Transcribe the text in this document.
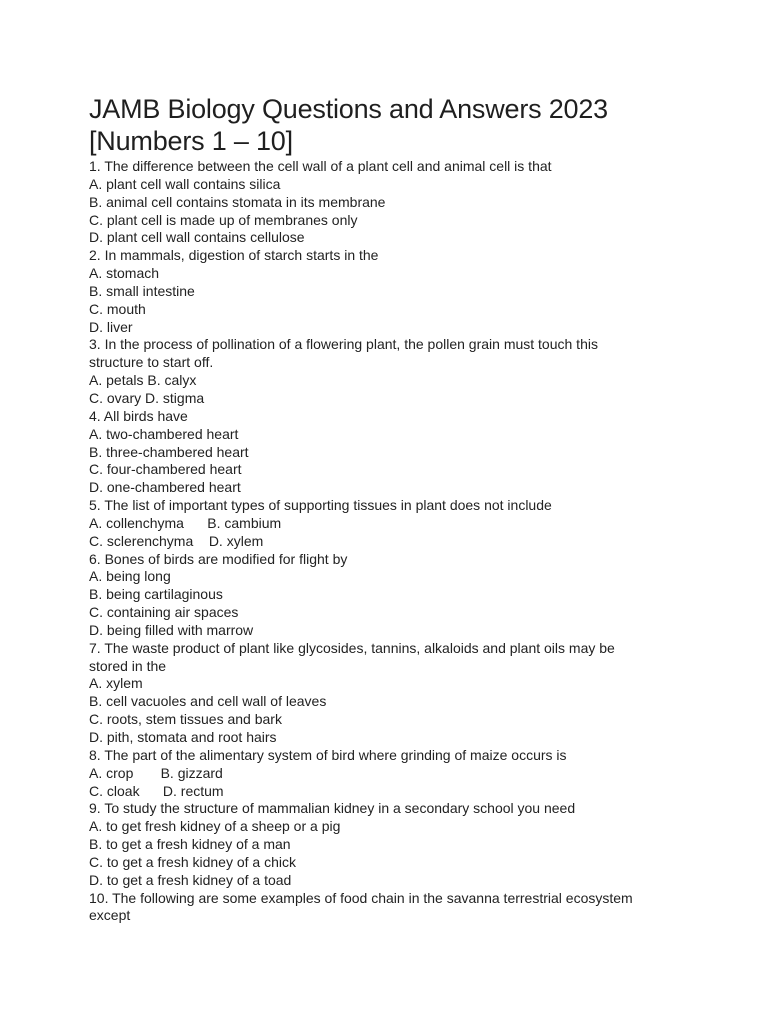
JAMB Biology Questions and Answers 2023
[Numbers 1 – 10]
1. The difference between the cell wall of a plant cell and animal cell is that
A. plant cell wall contains silica
B. animal cell contains stomata in its membrane
C. plant cell is made up of membranes only
D. plant cell wall contains cellulose
2. In mammals, digestion of starch starts in the
A. stomach
B. small intestine
C. mouth
D. liver
3. In the process of pollination of a flowering plant, the pollen grain must touch this
structure to start off.
A. petals B. calyx
C. ovary D. stigma
4. All birds have
A. two-chambered heart
B. three-chambered heart
C. four-chambered heart
D. one-chambered heart
5. The list of important types of supporting tissues in plant does not include
A. collenchyma      B. cambium
C. sclerenchyma    D. xylem
6. Bones of birds are modified for flight by
A. being long
B. being cartilaginous
C. containing air spaces
D. being filled with marrow
7. The waste product of plant like glycosides, tannins, alkaloids and plant oils may be
stored in the
A. xylem
B. cell vacuoles and cell wall of leaves
C. roots, stem tissues and bark
D. pith, stomata and root hairs
8. The part of the alimentary system of bird where grinding of maize occurs is
A. crop       B. gizzard
C. cloak      D. rectum
9. To study the structure of mammalian kidney in a secondary school you need
A. to get fresh kidney of a sheep or a pig
B. to get a fresh kidney of a man
C. to get a fresh kidney of a chick
D. to get a fresh kidney of a toad
10. The following are some examples of food chain in the savanna terrestrial ecosystem
except
